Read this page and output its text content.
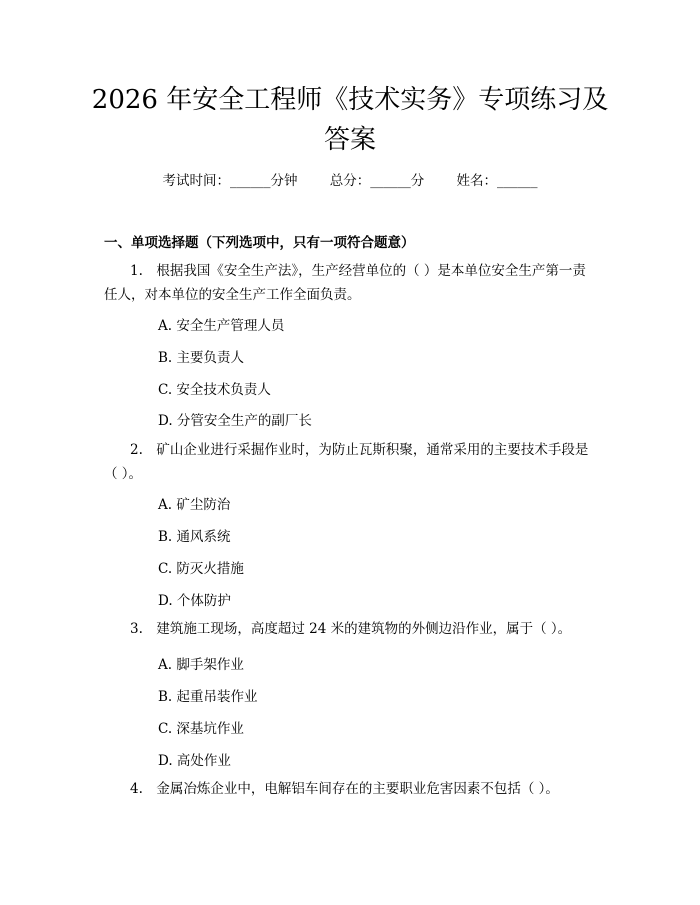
2026 年安全工程师《技术实务》专项练习及
答案
考试时间：______分钟 总分：______分 姓名：______
一、单项选择题（下列选项中，只有一项符合题意）
1.　根据我国《安全生产法》，生产经营单位的（ ）是本单位安全生产第一责任人，对本单位的安全生产工作全面负责。
A. 安全生产管理人员
B. 主要负责人
C. 安全技术负责人
D. 分管安全生产的副厂长
2.　矿山企业进行采掘作业时，为防止瓦斯积聚，通常采用的主要技术手段是（ ）。
A. 矿尘防治
B. 通风系统
C. 防灭火措施
D. 个体防护
3.　建筑施工现场，高度超过 24 米的建筑物的外侧边沿作业，属于（ ）。
A. 脚手架作业
B. 起重吊装作业
C. 深基坑作业
D. 高处作业
4.　金属冶炼企业中，电解铝车间存在的主要职业危害因素不包括（ ）。
